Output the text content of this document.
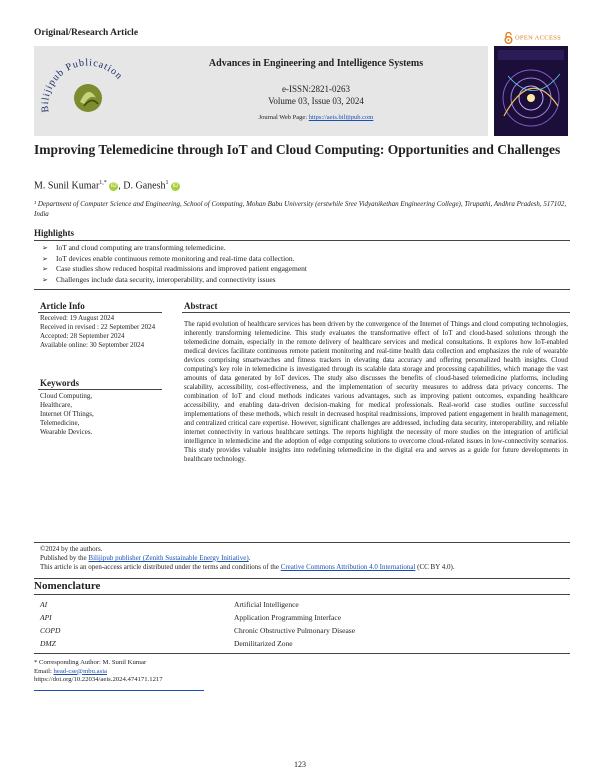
Original/Research Article	OPEN ACCESS
Bilijipub Publication
Advances in Engineering and Intelligence Systems
e-ISSN:2821-0263
Volume 03, Issue 03, 2024
Journal Web Page: https://aeis.bilijipub.com
Improving Telemedicine through IoT and Cloud Computing: Opportunities and Challenges
M. Sunil Kumar$^{1,*}$ iD , D. Ganesh$^1$ iD
¹ Department of Computer Science and Engineering, School of Computing, Mohan Babu University (erstwhile Sree Vidyanikethan Engineering College), Tirupathi, Andhra Pradesh, 517102, India
Highlights
➢ IoT and cloud computing are transforming telemedicine.
➢ IoT devices enable continuous remote monitoring and real-time data collection.
➢ Case studies show reduced hospital readmissions and improved patient engagement
➢ Challenges include data security, interoperability, and connectivity issues
Article Info
Received: 19 August 2024
Received in revised : 22 September 2024
Accepted: 28 September 2024
Available online: 30 September 2024
Keywords
Cloud Computing,
Healthcare,
Internet Of Things,
Telemedicine,
Wearable Devices.
Abstract
The rapid evolution of healthcare services has been driven by the convergence of the Internet of Things and cloud computing technologies, inherently transforming telemedicine. This study evaluates the transformative effect of IoT and cloud-based solutions through the telemedicine domain, especially in the remote delivery of healthcare services and medical consultations. It explores how IoT-enabled medical devices facilitate continuous remote patient monitoring and real-time health data collection and emphasizes the role of wearable devices comprising smartwatches and fitness trackers in elevating data accuracy and offering personalized health insights. Cloud computing's key role in telemedicine is investigated through its scalable data storage and processing capabilities, which manage the vast amounts of data generated by IoT devices. The study also discusses the benefits of cloud-based telemedicine platforms, including scalability, accessibility, cost-effectiveness, and the implementation of security measures to address data privacy concerns. The combination of IoT and cloud methods indicates various advantages, such as improving patient outcomes, expanding healthcare accessibility, and enabling data-driven decision-making for medical professionals. Real-world case studies outline successful implementations of these methods, which result in decreased hospital readmissions, improved patient engagement in health management, and centralized critical care expertise. However, significant challenges are addressed, including data security, interoperability, and reliable internet connectivity in various healthcare settings. The reports highlight the necessity of more studies on the integration of artificial intelligence in telemedicine and the adoption of edge computing solutions to overcome cloud-related issues in low-connectivity scenarios. This study provides valuable insights into redefining telemedicine in the digital era and serves as a guide for future developments in healthcare technology.
©2024 by the authors.
Published by the Bilijipub publisher (Zenith Sustainable Energy Initiative).
This article is an open-access article distributed under the terms and conditions of the Creative Commons Attribution 4.0 International (CC BY 4.0).
Nomenclature
AI	Artificial Intelligence
API	Application Programming Interface
COPD	Chronic Obstructive Pulmonary Disease
DMZ	Demilitarized Zone
* Corresponding Author: M. Sunil Kumar
Email: head-cse@mbu.asia
https://doi.org/10.22034/aeis.2024.474171.1217
123
